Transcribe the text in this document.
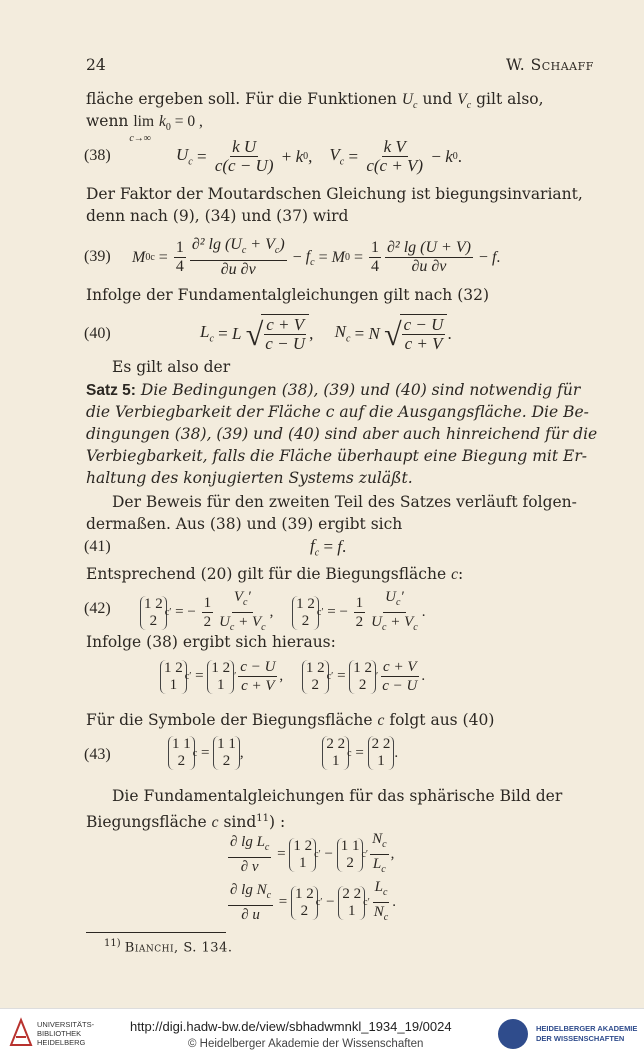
24	W. Schaaff
fläche ergeben soll. Für die Funktionen $U_c$ und $V_c$ gilt also,
wenn lim
c→∞
$k_0 = 0$ ,
(38)	$U_c = \frac{\text{k U}}{c(c - U)} + k$ 0 , $V_c = \frac{\text{k V}}{c(c + V)} - k$ 0 .
Der Faktor der Moutardschen Gleichung ist biegungsinvariant,
denn nach (9), (34) und (37) wird
(39) M $0c = \frac{1}{4} \frac{\partial^2 \lg (U_c + V_c)}{\partial u \partial v} - f_c = M$ $0 = \frac{1}{4} \frac{\text{∂² lg (U + V)}}{\partial u \partial v} - f$ .
Infolge der Fundamentalgleichungen gilt nach (32)
(40)	$L_c = L$
√ $\frac{c + V}{c - U}$ , $N_c = N$
√ $\frac{c - U}{c + V}$ .
Es gilt also der
Satz 5: Die Bedingungen (38), (39) und (40) sind notwendig für
die Verbiegbarkeit der Fläche c auf die Ausgangsfläche. Die Be-
dingungen (38), (39) und (40) sind aber auch hinreichend für die
Verbiegbarkeit, falls die Fläche überhaupt eine Biegung mit Er-
haltung des konjugierten Systems zuläßt.
Der Beweis für den zweiten Teil des Satzes verläuft folgen-
dermaßen. Aus (38) und (39) ergibt sich
(41)	$f_c = f$ .
Entsprechend (20) gilt für die Biegungsfläche c:
(42) 1 2
2 c ′ = − $\frac{1}{2} \frac{V_c'}{U_c + V_c}$ ,
1 2
2 c ′ = − $\frac{1}{2} \frac{U_c'}{U_c + V_c}$ .
Infolge (38) ergibt sich hieraus:
1 2
1 c ′ =
1 2
1 ′ $\frac{c - U}{c + V}$ ,
1 2
2 c ′ =
1 2
2 ′ $\frac{c + V}{c - U}$ .
Für die Symbole der Biegungsfläche c folgt aus (40)
(43)
1 1
2 c =
1 1
2
,
2 2
1 c =
2 2
1
.
Die Fundamentalgleichungen für das sphärische Bild der
Biegungsfläche c sind$^{11}$) :
$\frac{\partial \lg L_c}{\partial v}$ =
1 2
1 c ′ −
1 1
2 c ′ $\frac{N_c}{L_c}$ ,
$\frac{\partial \lg N_c}{\partial u}$ =
1 2
2 c ′ −
2 2
1 c ′ $\frac{L_c}{N_c}$ .
$^{11)}$ Bianchi, S. 134.
UNIVERSITÄTS-
BIBLIOTHEK
HEIDELBERG
http://digi.hadw-bw.de/view/sbhadwmnkl_1934_19/0024
© Heidelberger Akademie der Wissenschaften
HEIDELBERGER AKADEMIE
DER WISSENSCHAFTEN
